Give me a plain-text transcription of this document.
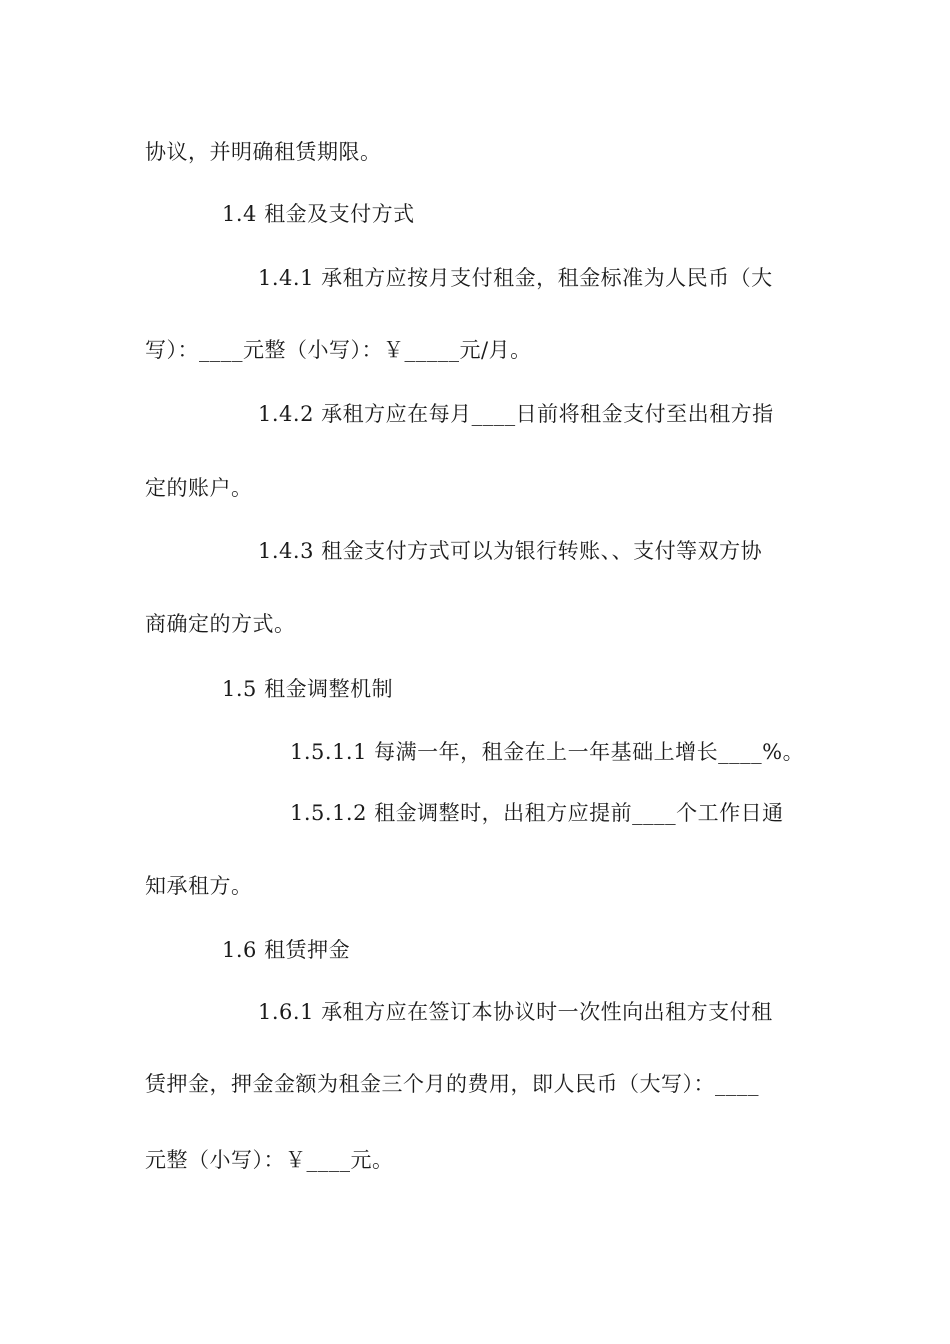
协议，并明确租赁期限。
1.4 租金及支付方式
1.4.1 承租方应按月支付租金，租金标准为人民币（大
写）：____元整（小写）：￥_____元/月。
1.4.2 承租方应在每月____日前将租金支付至出租方指
定的账户。
1.4.3 租金支付方式可以为银行转账、、支付等双方协
商确定的方式。
1.5 租金调整机制
1.5.1.1 每满一年，租金在上一年基础上增长____%。
1.5.1.2 租金调整时，出租方应提前____个工作日通
知承租方。
1.6 租赁押金
1.6.1 承租方应在签订本协议时一次性向出租方支付租
赁押金，押金金额为租金三个月的费用，即人民币（大写）：____
元整（小写）：￥____元。
